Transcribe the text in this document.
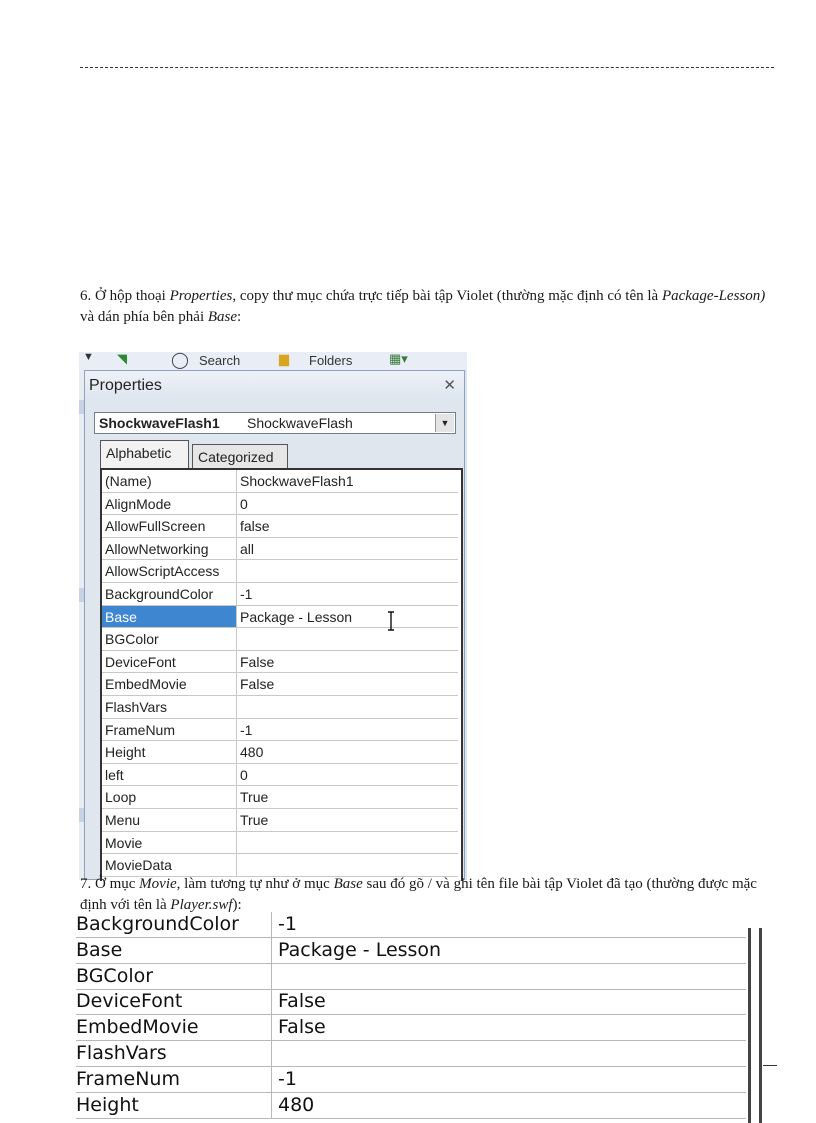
6. Ở hộp thoại Properties, copy thư mục chứa trực tiếp bài tập Violet (thường mặc định có tên là Package-Lesson) và dán phía bên phải Base:

▼ ◥	◯ Search	▆ Folders	▦▾
Properties	✕
ShockwaveFlash1 ShockwaveFlash	▼
Alphabetic	Categorized
(Name)	ShockwaveFlash1
AlignMode	0
AllowFullScreen	false
AllowNetworking	all
AllowScriptAccess
BackgroundColor	-1
Base	Package - Lesson
BGColor
DeviceFont	False
EmbedMovie	False
FlashVars
FrameNum	-1
Height	480
left	0
Loop	True
Menu	True
Movie
MovieData

7. Ở mục Movie, làm tương tự như ở mục Base sau đó gõ / và ghi tên file bài tập Violet đã tạo (thường được mặc định với tên là Player.swf):

BackgroundColor	-1
Base	Package - Lesson
BGColor
DeviceFont	False
EmbedMovie	False
FlashVars
FrameNum	-1
Height	480
